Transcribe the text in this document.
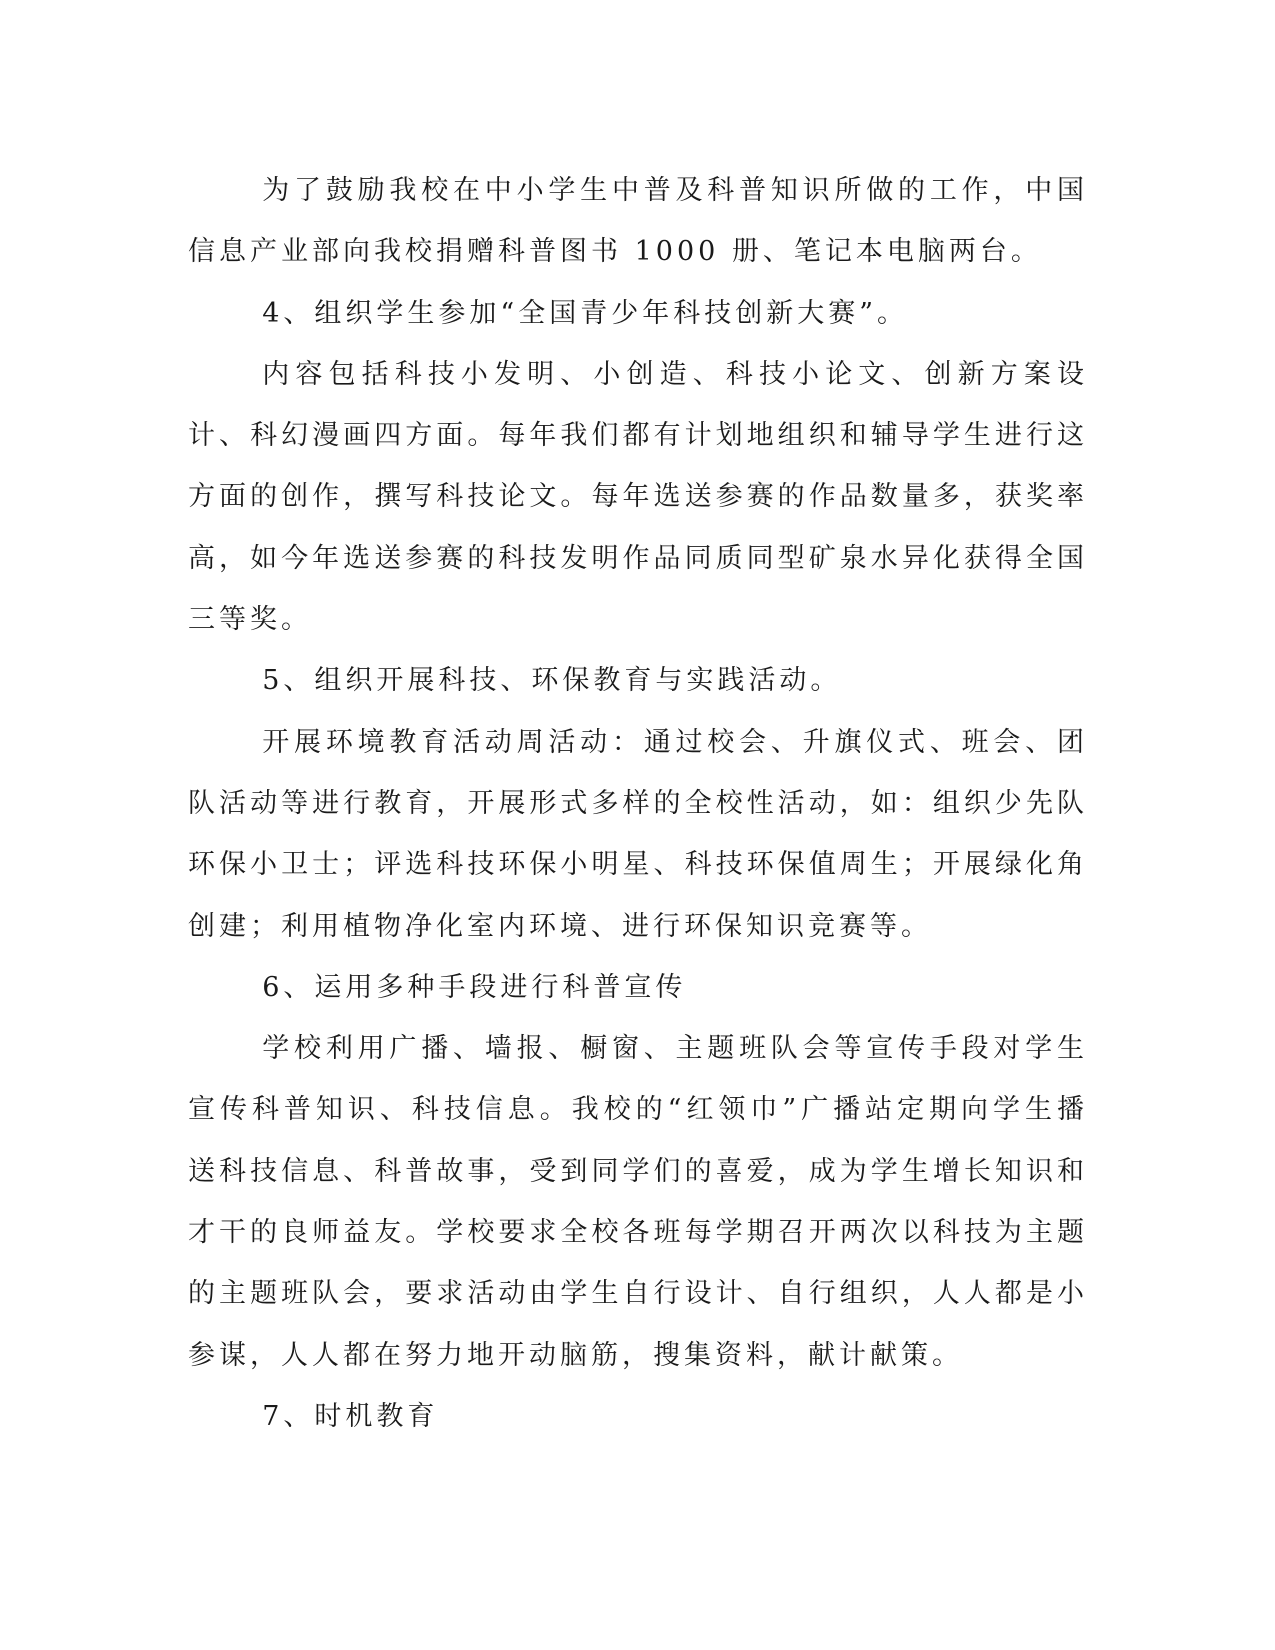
为了鼓励我校在中小学生中普及科普知识所做的工作，中国信息产业部向我校捐赠科普图书 1000 册、笔记本电脑两台。

4、组织学生参加“全国青少年科技创新大赛”。

内容包括科技小发明、小创造、科技小论文、创新方案设计、科幻漫画四方面。每年我们都有计划地组织和辅导学生进行这方面的创作，撰写科技论文。每年选送参赛的作品数量多，获奖率高，如今年选送参赛的科技发明作品同质同型矿泉水异化获得全国三等奖。

5、组织开展科技、环保教育与实践活动。

开展环境教育活动周活动：通过校会、升旗仪式、班会、团队活动等进行教育，开展形式多样的全校性活动，如：组织少先队环保小卫士；评选科技环保小明星、科技环保值周生；开展绿化角创建；利用植物净化室内环境、进行环保知识竞赛等。

6、运用多种手段进行科普宣传

学校利用广播、墙报、橱窗、主题班队会等宣传手段对学生宣传科普知识、科技信息。我校的“红领巾”广播站定期向学生播送科技信息、科普故事，受到同学们的喜爱，成为学生增长知识和才干的良师益友。学校要求全校各班每学期召开两次以科技为主题的主题班队会，要求活动由学生自行设计、自行组织，人人都是小参谋，人人都在努力地开动脑筋，搜集资料，献计献策。

7、时机教育
